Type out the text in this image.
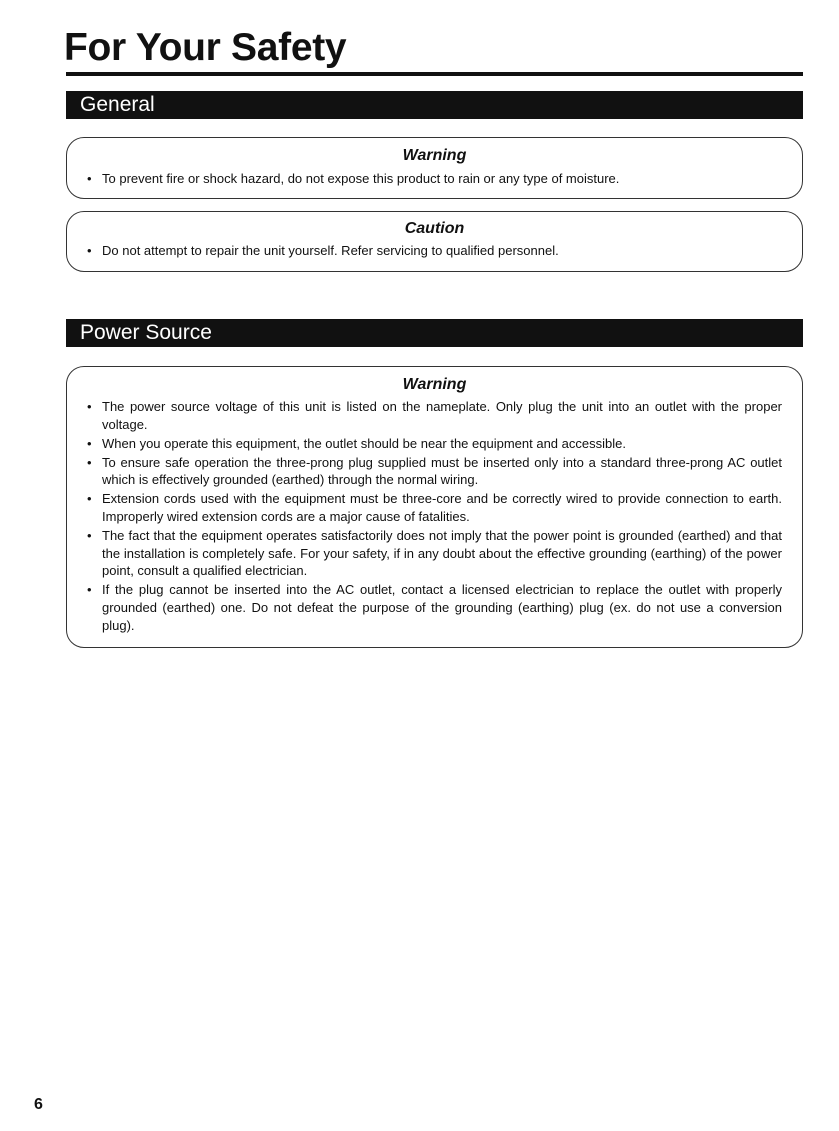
For Your Safety
General
Warning
• To prevent fire or shock hazard, do not expose this product to rain or any type of moisture.
Caution
• Do not attempt to repair the unit yourself. Refer servicing to qualified personnel.
Power Source
Warning
• The power source voltage of this unit is listed on the nameplate. Only plug the unit into an outlet with the proper voltage.
• When you operate this equipment, the outlet should be near the equipment and accessible.
• To ensure safe operation the three-prong plug supplied must be inserted only into a standard three-prong AC outlet which is effectively grounded (earthed) through the normal wiring.
• Extension cords used with the equipment must be three-core and be correctly wired to provide connection to earth. Improperly wired extension cords are a major cause of fatalities.
• The fact that the equipment operates satisfactorily does not imply that the power point is grounded (earthed) and that the installation is completely safe. For your safety, if in any doubt about the effective grounding (earthing) of the power point, consult a qualified electrician.
• If the plug cannot be inserted into the AC outlet, contact a licensed electrician to replace the outlet with properly grounded (earthed) one. Do not defeat the purpose of the grounding (earthing) plug (ex. do not use a conversion plug).
6
